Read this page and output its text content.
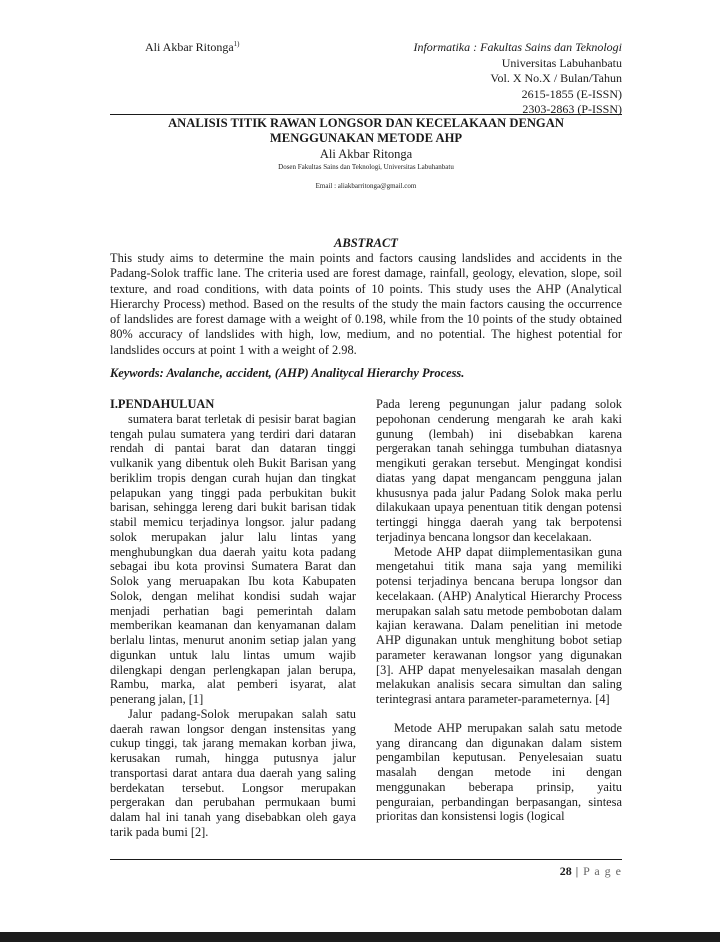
Ali Akbar Ritonga$^{1)}$	Informatika : Fakultas Sains dan Teknologi
Universitas Labuhanbatu
Vol. X No.X / Bulan/Tahun
2615-1855 (E-ISSN)
2303-2863 (P-ISSN)
ANALISIS TITIK RAWAN LONGSOR DAN KECELAKAAN DENGAN
MENGGUNAKAN METODE AHP
Ali Akbar Ritonga
Dosen Fakultas Sains dan Teknologi, Universitas Labuhanbatu
Email : aliakbarritonga@gmail.com
ABSTRACT
This study aims to determine the main points and factors causing landslides and accidents in the Padang-Solok traffic lane. The criteria used are forest damage, rainfall, geology, elevation, slope, soil texture, and road conditions, with data points of 10 points. This study uses the AHP (Analytical Hierarchy Process) method. Based on the results of the study the main factors causing the occurrence of landslides are forest damage with a weight of 0.198, while from the 10 points of the study obtained 80% accuracy of landslides with high, low, medium, and no potential. The highest potential for landslides occurs at point 1 with a weight of 2.98.
Keywords: Avalanche, accident, (AHP) Analitycal Hierarchy Process.

I.PENDAHULUAN

sumatera barat terletak di pesisir barat bagian tengah pulau sumatera yang terdiri dari dataran rendah di pantai barat dan dataran tinggi vulkanik yang dibentuk oleh Bukit Barisan yang beriklim tropis dengan curah hujan dan tingkat pelapukan yang tinggi pada perbukitan bukit barisan, sehingga lereng dari bukit barisan tidak stabil memicu terjadinya longsor. jalur padang solok merupakan jalur lalu lintas yang menghubungkan dua daerah yaitu kota padang sebagai ibu kota provinsi Sumatera Barat dan Solok yang meruapakan Ibu kota Kabupaten Solok, dengan melihat kondisi sudah wajar menjadi perhatian bagi pemerintah dalam memberikan keamanan dan kenyamanan dalam berlalu lintas, menurut anonim setiap jalan yang digunkan untuk lalu lintas umum wajib dilengkapi dengan perlengkapan jalan berupa, Rambu, marka, alat pemberi isyarat, alat penerang jalan, [1]

Jalur padang-Solok merupakan salah satu daerah rawan longsor dengan instensitas yang cukup tinggi, tak jarang memakan korban jiwa, kerusakan rumah, hingga putusnya jalur transportasi darat antara dua daerah yang saling berdekatan tersebut. Longsor merupakan pergerakan dan perubahan permukaan bumi dalam hal ini tanah yang disebabkan oleh gaya tarik pada bumi [2].

Pada lereng pegunungan jalur padang solok pepohonan cenderung mengarah ke arah kaki gunung (lembah) ini disebabkan karena pergerakan tanah sehingga tumbuhan diatasnya mengikuti gerakan tersebut. Mengingat kondisi diatas yang dapat mengancam pengguna jalan khususnya pada jalur Padang Solok maka perlu dilakukaan upaya penentuan titik dengan potensi tertinggi hingga daerah yang tak berpotensi terjadinya bencana longsor dan kecelakaan.

Metode AHP dapat diimplementasikan guna mengetahui titik mana saja yang memiliki potensi terjadinya bencana berupa longsor dan kecelakaan. (AHP) Analytical Hierarchy Process merupakan salah satu metode pembobotan dalam kajian kerawana. Dalam penelitian ini metode AHP digunakan untuk menghitung bobot setiap parameter kerawanan longsor yang digunakan [3]. AHP dapat menyelesaikan masalah dengan melakukan analisis secara simultan dan saling terintegrasi antara parameter-parameternya. [4]

Metode AHP merupakan salah satu metode yang dirancang dan digunakan dalam sistem pengambilan keputusan. Penyelesaian suatu masalah dengan metode ini dengan menggunakan beberapa prinsip, yaitu penguraian, perbandingan berpasangan, sintesa prioritas dan konsistensi logis (logical

28 | P a g e
